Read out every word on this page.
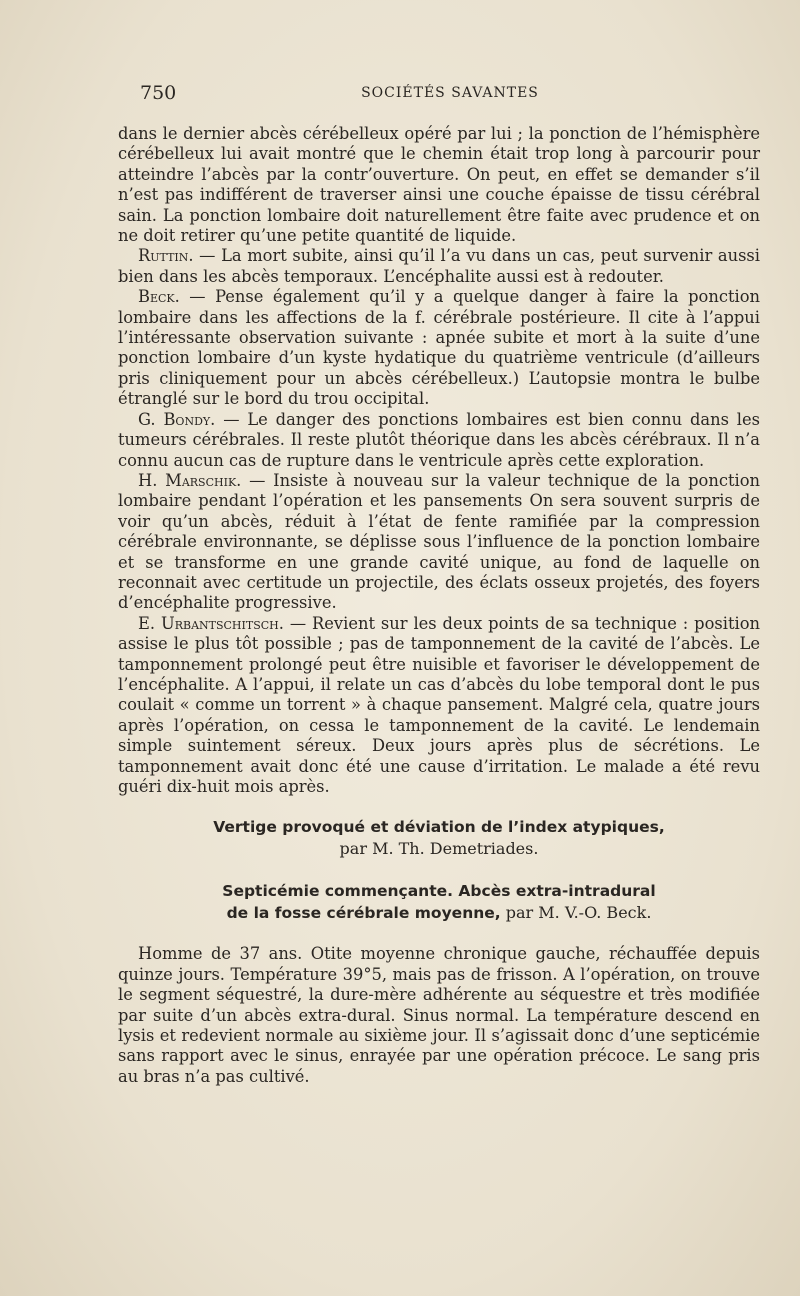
750	SOCIÉTÉS SAVANTES

dans le dernier abcès cérébelleux opéré par lui ; la ponction de l’hémisphère cérébelleux lui avait montré que le chemin était trop long à parcourir pour atteindre l’abcès par la contr’ouverture. On peut, en effet se demander s’il n’est pas indifférent de traverser ainsi une couche épaisse de tissu cérébral sain. La ponction lombaire doit naturellement être faite avec prudence et on ne doit retirer qu’une petite quantité de liquide.

Ruttin. — La mort subite, ainsi qu’il l’a vu dans un cas, peut survenir aussi bien dans les abcès temporaux. L’encéphalite aussi est à redouter.

Beck. — Pense également qu’il y a quelque danger à faire la ponction lombaire dans les affections de la f. cérébrale postérieure. Il cite à l’appui l’intéressante observation suivante : apnée subite et mort à la suite d’une ponction lombaire d’un kyste hydatique du quatrième ventricule (d’ailleurs pris cliniquement pour un abcès cérébelleux.) L’autopsie montra le bulbe étranglé sur le bord du trou occipital.

G. Bondy. — Le danger des ponctions lombaires est bien connu dans les tumeurs cérébrales. Il reste plutôt théorique dans les abcès cérébraux. Il n’a connu aucun cas de rupture dans le ventricule après cette exploration.

H. Marschik. — Insiste à nouveau sur la valeur technique de la ponction lombaire pendant l’opération et les pansements On sera souvent surpris de voir qu’un abcès, réduit à l’état de fente ramifiée par la compression cérébrale environnante, se déplisse sous l’influence de la ponction lombaire et se transforme en une grande cavité unique, au fond de laquelle on reconnait avec certitude un projectile, des éclats osseux projetés, des foyers d’encéphalite progressive.

E. Urbantschitsch. — Revient sur les deux points de sa technique : position assise le plus tôt possible ; pas de tamponnement de la cavité de l’abcès. Le tamponnement prolongé peut être nuisible et favoriser le développement de l’encéphalite. A l’appui, il relate un cas d’abcès du lobe temporal dont le pus coulait « comme un torrent » à chaque pansement. Malgré cela, quatre jours après l’opération, on cessa le tamponnement de la cavité. Le lendemain simple suintement séreux. Deux jours après plus de sécrétions. Le tamponnement avait donc été une cause d’irritation. Le malade a été revu guéri dix-huit mois après.

Vertige provoqué et déviation de l’index atypiques,
par M. Th. Demetriades.
Septicémie commençante. Abcès extra-intradural
de la fosse cérébrale moyenne, par M. V.-O. Beck.

Homme de 37 ans. Otite moyenne chronique gauche, réchauffée depuis quinze jours. Température 39°5, mais pas de frisson. A l’opération, on trouve le segment séquestré, la dure-mère adhérente au séquestre et très modifiée par suite d’un abcès extra-dural. Sinus normal. La température descend en lysis et redevient normale au sixième jour. Il s’agissait donc d’une septicémie sans rapport avec le sinus, enrayée par une opération précoce. Le sang pris au bras n’a pas cultivé.
